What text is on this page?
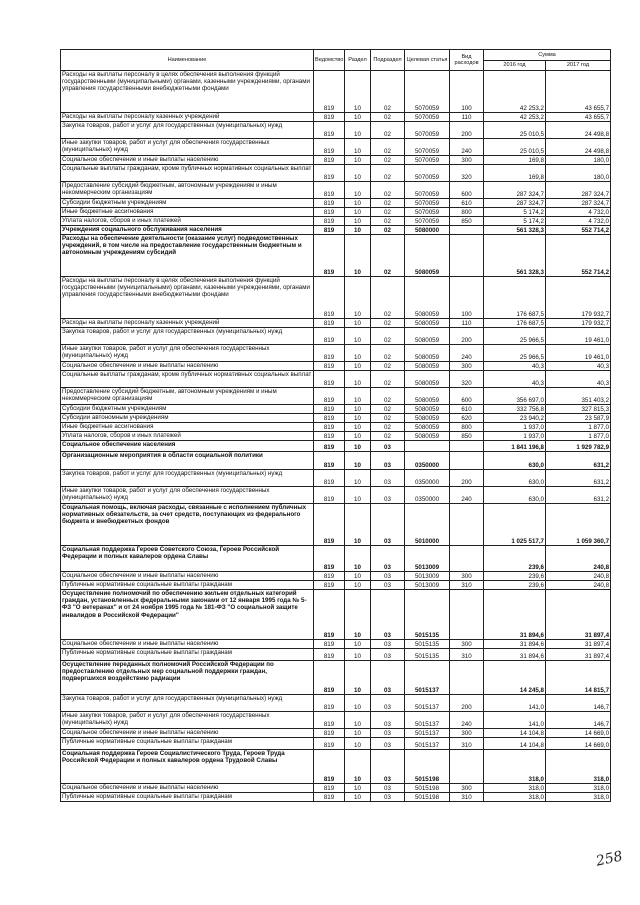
Наименование	Ведомство	Раздел	Подраздел	Целевая статья	Вид расходов	Сумма	
						2016 год	2017 год
Расходы на выплаты персоналу в целях обеспечения выполнения функций государственными (муниципальными) органами, казенными учреждениями, органами управления государственными внебюджетными фондами	819	10	02	5070059	100	42 253,2	43 655,7
Расходы на выплаты персоналу казенных учреждений	819	10	02	5070059	110	42 253,2	43 655,7
Закупка товаров, работ и услуг для государственных (муниципальных) нужд	819	10	02	5070059	200	25 010,5	24 498,8
Иные закупки товаров, работ и услуг для обеспечения государственных (муниципальных) нужд	819	10	02	5070059	240	25 010,5	24 498,8
Социальное обеспечение и иные выплаты населению	819	10	02	5070059	300	169,8	180,0
Социальные выплаты гражданам, кроме публичных нормативных социальных выплат	819	10	02	5070059	320	169,8	180,0
Предоставление субсидий бюджетным, автономным учреждениям и иным некоммерческим организациям	819	10	02	5070059	600	287 324,7	287 324,7
Субсидии бюджетным учреждениям	819	10	02	5070059	610	287 324,7	287 324,7
Иные бюджетные ассигнования	819	10	02	5070059	800	5 174,2	4 732,0
Уплата налогов, сборов и иных платежей	819	10	02	5070059	850	5 174,2	4 732,0
Учреждения социального обслуживания населения	819	10	02	5080000		561 328,3	552 714,2
Расходы на обеспечение деятельности (оказание услуг) подведомственных учреждений, в том числе на предоставление государственным бюджетным и автономным учреждениям субсидий	819	10	02	5080059		561 328,3	552 714,2
Расходы на выплаты персоналу в целях обеспечения выполнения функций государственными (муниципальными) органами, казенными учреждениями, органами управления государственными внебюджетными фондами	819	10	02	5080059	100	176 687,5	179 932,7
Расходы на выплаты персоналу казенных учреждений	819	10	02	5080059	110	176 687,5	179 932,7
Закупка товаров, работ и услуг для государственных (муниципальных) нужд	819	10	02	5080059	200	25 966,5	19 461,0
Иные закупки товаров, работ и услуг для обеспечения государственных (муниципальных) нужд	819	10	02	5080059	240	25 966,5	19 461,0
Социальное обеспечение и иные выплаты населению	819	10	02	5080059	300	40,3	40,3
Социальные выплаты гражданам, кроме публичных нормативных социальных выплат	819	10	02	5080059	320	40,3	40,3
Предоставление субсидий бюджетным, автономным учреждениям и иным некоммерческим организациям	819	10	02	5080059	600	356 697,0	351 403,2
Субсидии бюджетным учреждениям	819	10	02	5080059	610	332 756,8	327 815,3
Субсидии автономным учреждениям	819	10	02	5080059	620	23 940,2	23 587,9
Иные бюджетные ассигнования	819	10	02	5080059	800	1 937,0	1 877,0
Уплата налогов, сборов и иных платежей	819	10	02	5080059	850	1 937,0	1 877,0
Социальное обеспечение населения	819	10	03			1 841 196,8	1 929 782,9
Организационные мероприятия в области социальной политики	819	10	03	0350000		630,0	631,2
Закупка товаров, работ и услуг для государственных (муниципальных) нужд	819	10	03	0350000	200	630,0	631,2
Иные закупки товаров, работ и услуг для обеспечения государственных (муниципальных) нужд	819	10	03	0350000	240	630,0	631,2
Социальная помощь, включая расходы, связанные с исполнением публичных нормативных обязательств, за счет средств, поступающих из федерального бюджета и внебюджетных фондов	819	10	03	5010000		1 025 517,7	1 059 360,7
Социальная поддержка Героев Советского Союза, Героев Российской Федерации и полных кавалеров ордена Славы	819	10	03	5013009		239,6	240,8
Социальное обеспечение и иные выплаты населению	819	10	03	5013009	300	239,6	240,8
Публичные нормативные социальные выплаты гражданам	819	10	03	5013009	310	239,6	240,8
Осуществление полномочий по обеспечению жильем отдельных категорий граждан, установленных федеральными законами от 12 января 1995 года № 5-ФЗ "О ветеранах" и от 24 ноября 1995 года № 181-ФЗ "О социальной защите инвалидов в Российской Федерации"	819	10	03	5015135		31 894,6	31 897,4
Социальное обеспечение и иные выплаты населению	819	10	03	5015135	300	31 894,6	31 897,4
Публичные нормативные социальные выплаты гражданам	819	10	03	5015135	310	31 894,6	31 897,4
Осуществление переданных полномочий Российской Федерации по предоставлению отдельных мер социальной поддержки граждан, подвергшихся воздействию радиации	819	10	03	5015137		14 245,8	14 815,7
Закупка товаров, работ и услуг для государственных (муниципальных) нужд	819	10	03	5015137	200	141,0	146,7
Иные закупки товаров, работ и услуг для обеспечения государственных (муниципальных) нужд	819	10	03	5015137	240	141,0	146,7
Социальное обеспечение и иные выплаты населению	819	10	03	5015137	300	14 104,8	14 669,0
Публичные нормативные социальные выплаты гражданам	819	10	03	5015137	310	14 104,8	14 669,0
Социальная поддержка Героев Социалистического Труда, Героев Труда Российской Федерации и полных кавалеров ордена Трудовой Славы	819	10	03	5015198		318,0	318,0
Социальное обеспечение и иные выплаты населению	819	10	03	5015198	300	318,0	318,0
Публичные нормативные социальные выплаты гражданам	819	10	03	5015198	310	318,0	318,0
258
